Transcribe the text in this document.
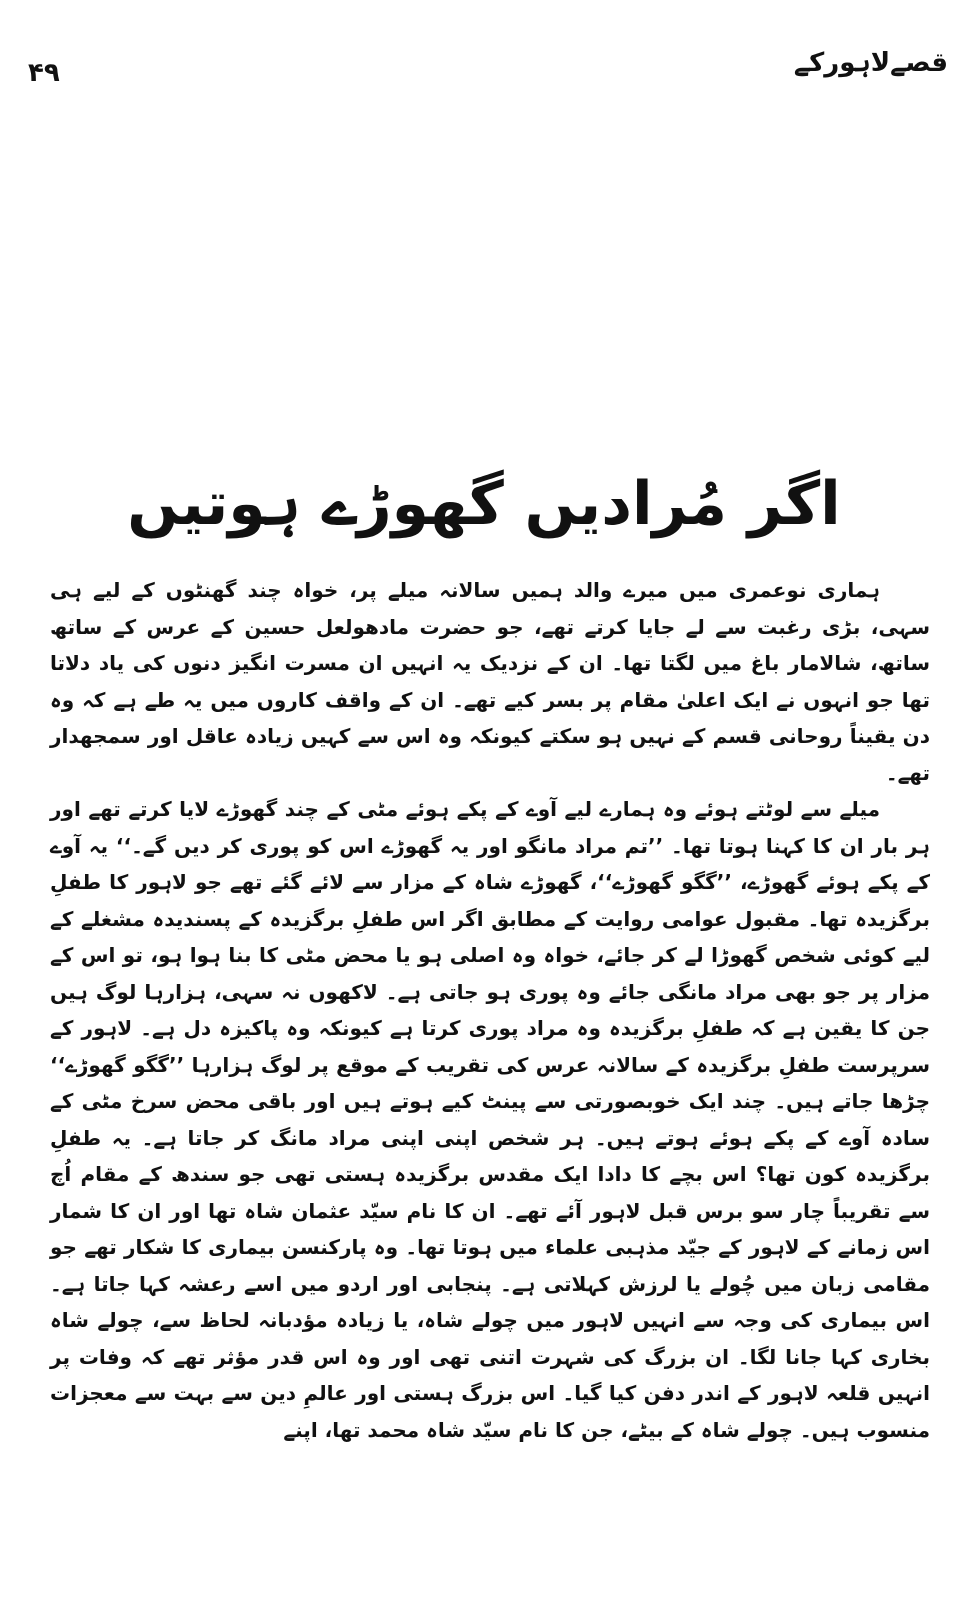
۴۹	قصےلاہورکے
اگر مُرادیں گھوڑے ہوتیں

ہماری نوعمری میں میرے والد ہمیں سالانہ میلے پر، خواہ چند گھنٹوں کے لیے ہی سہی، بڑی رغبت سے لے جایا کرتے تھے، جو حضرت مادھولعل حسین کے عرس کے ساتھ ساتھ، شالامار باغ میں لگتا تھا۔ ان کے نزدیک یہ انہیں ان مسرت انگیز دنوں کی یاد دلاتا تھا جو انہوں نے ایک اعلیٰ مقام پر بسر کیے تھے۔ ان کے واقف کاروں میں یہ طے ہے کہ وہ دن یقیناً روحانی قسم کے نہیں ہو سکتے کیونکہ وہ اس سے کہیں زیادہ عاقل اور سمجھدار تھے۔

میلے سے لوٹتے ہوئے وہ ہمارے لیے آوے کے پکے ہوئے مٹی کے چند گھوڑے لایا کرتے تھے اور ہر بار ان کا کہنا ہوتا تھا۔ ’’تم مراد مانگو اور یہ گھوڑے اس کو پوری کر دیں گے۔‘‘ یہ آوے کے پکے ہوئے گھوڑے، ’’گگو گھوڑے‘‘، گھوڑے شاہ کے مزار سے لائے گئے تھے جو لاہور کا طفلِ برگزیدہ تھا۔ مقبول عوامی روایت کے مطابق اگر اس طفلِ برگزیدہ کے پسندیدہ مشغلے کے لیے کوئی شخص گھوڑا لے کر جائے، خواہ وہ اصلی ہو یا محض مٹی کا بنا ہوا ہو، تو اس کے مزار پر جو بھی مراد مانگی جائے وہ پوری ہو جاتی ہے۔ لاکھوں نہ سہی، ہزارہا لوگ ہیں جن کا یقین ہے کہ طفلِ برگزیدہ وہ مراد پوری کرتا ہے کیونکہ وہ پاکیزہ دل ہے۔ لاہور کے سرپرست طفلِ برگزیدہ کے سالانہ عرس کی تقریب کے موقع پر لوگ ہزارہا ’’گگو گھوڑے‘‘ چڑھا جاتے ہیں۔ چند ایک خوبصورتی سے پینٹ کیے ہوتے ہیں اور باقی محض سرخ مٹی کے سادہ آوے کے پکے ہوئے ہوتے ہیں۔ ہر شخص اپنی اپنی مراد مانگ کر جاتا ہے۔ یہ طفلِ برگزیدہ کون تھا؟ اس بچے کا دادا ایک مقدس برگزیدہ ہستی تھی جو سندھ کے مقام اُچ سے تقریباً چار سو برس قبل لاہور آئے تھے۔ ان کا نام سیّد عثمان شاہ تھا اور ان کا شمار اس زمانے کے لاہور کے جیّد مذہبی علماء میں ہوتا تھا۔ وہ پارکنسن بیماری کا شکار تھے جو مقامی زبان میں چُولے یا لرزش کہلاتی ہے۔ پنجابی اور اردو میں اسے رعشہ کہا جاتا ہے۔ اس بیماری کی وجہ سے انہیں لاہور میں چولے شاہ، یا زیادہ مؤدبانہ لحاظ سے، چولے شاہ بخاری کہا جانا لگا۔ ان بزرگ کی شہرت اتنی تھی اور وہ اس قدر مؤثر تھے کہ وفات پر انہیں قلعہ لاہور کے اندر دفن کیا گیا۔ اس بزرگ ہستی اور عالمِ دین سے بہت سے معجزات منسوب ہیں۔ چولے شاہ کے بیٹے، جن کا نام سیّد شاہ محمد تھا، اپنے
